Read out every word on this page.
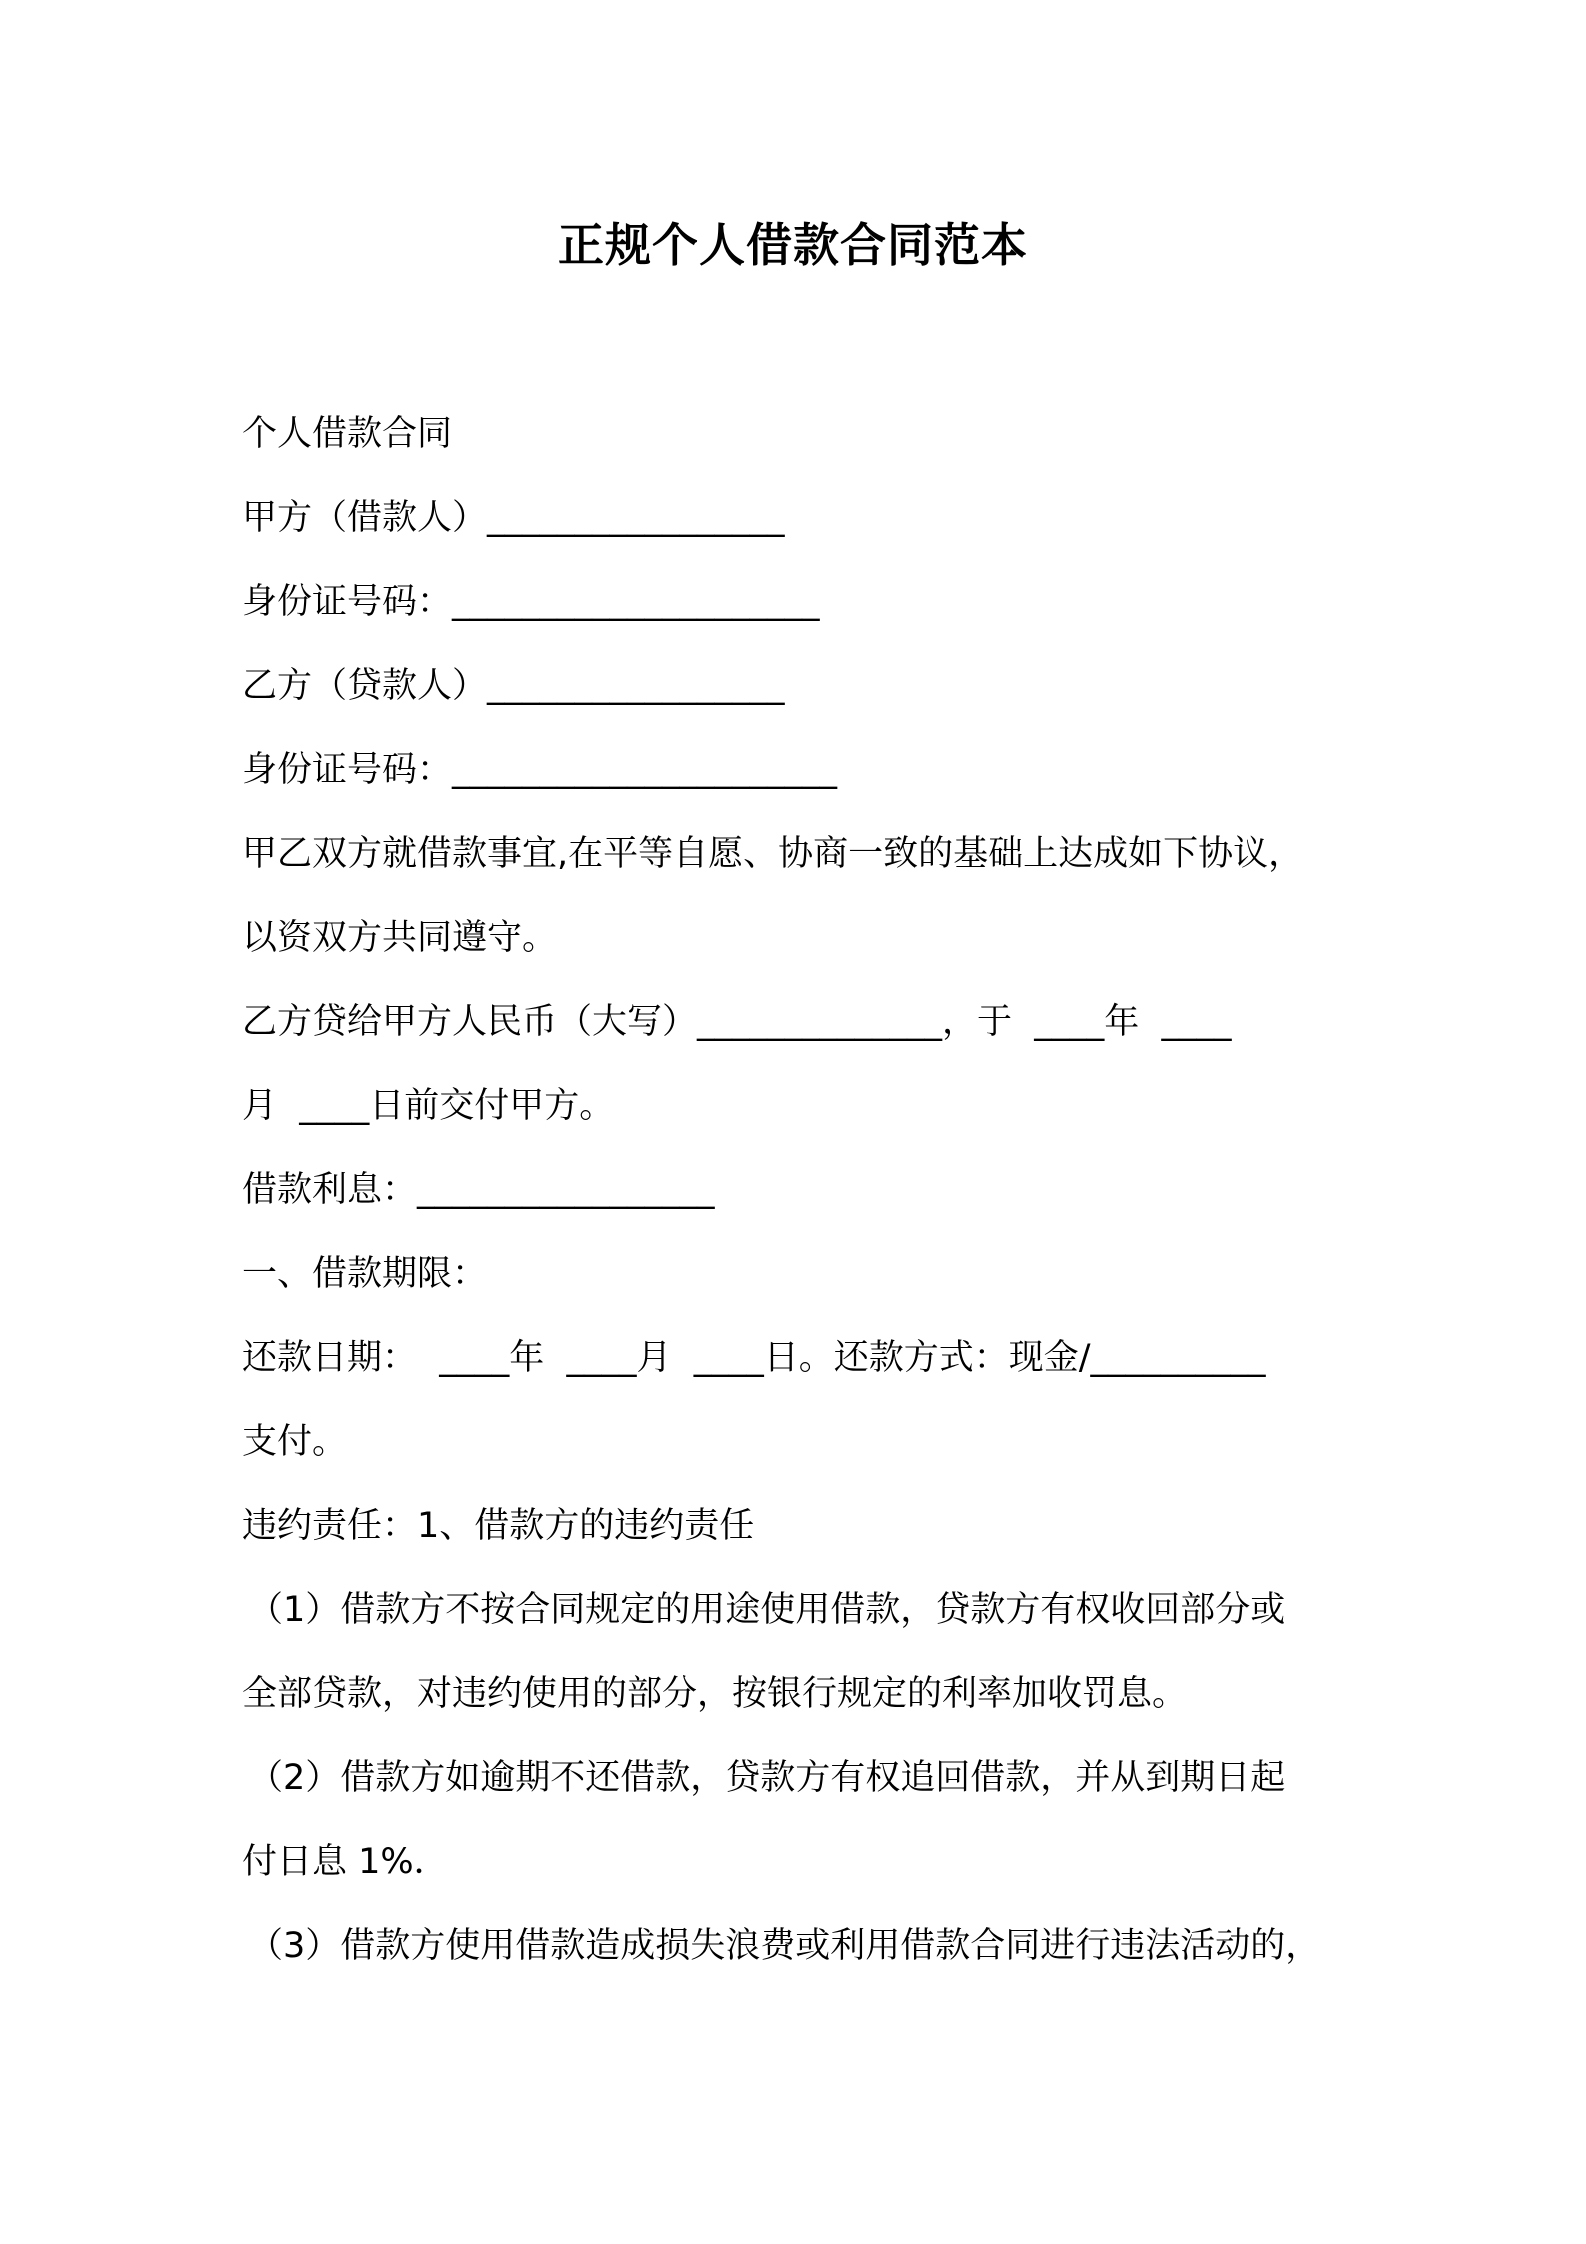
正规个人借款合同范本

个人借款合同

甲方（借款人）_________________

身份证号码：_____________________

乙方（贷款人）_________________

身份证号码：______________________

甲乙双方就借款事宜,在平等自愿、协商一致的基础上达成如下协议，

以资双方共同遵守。

乙方贷给甲方人民币（大写）______________，于  ____年  ____

月  ____日前交付甲方。

借款利息：_________________

一、借款期限：

还款日期：  ____年  ____月  ____日。还款方式：现金/__________

支付。

违约责任：1、借款方的违约责任

（1）借款方不按合同规定的用途使用借款，贷款方有权收回部分或

全部贷款，对违约使用的部分，按银行规定的利率加收罚息。

（2）借款方如逾期不还借款，贷款方有权追回借款，并从到期日起

付日息 1%．

（3）借款方使用借款造成损失浪费或利用借款合同进行违法活动的，
